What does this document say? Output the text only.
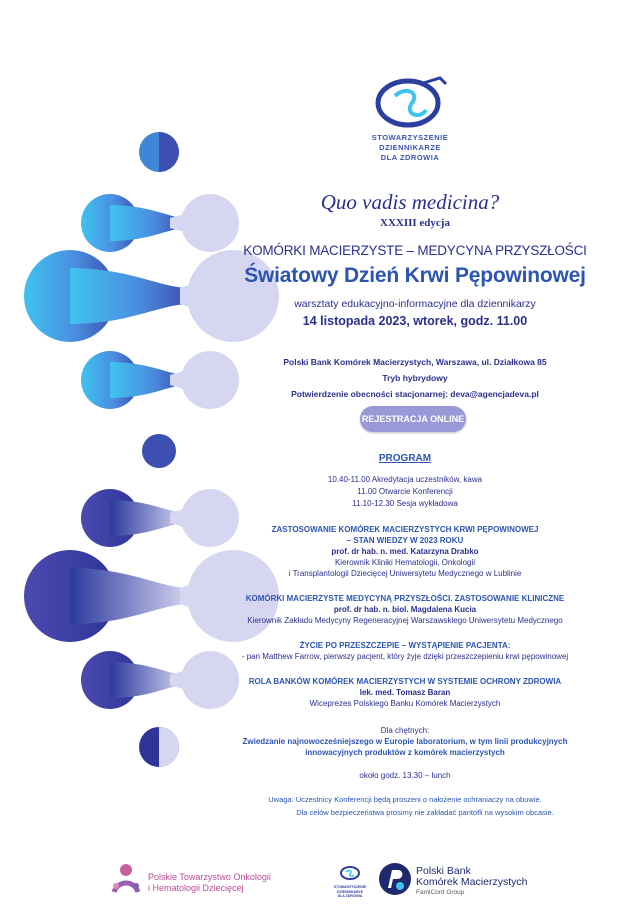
STOWARZYSZENIE
DZIENNIKARZE
DLA ZDROWIA
Quo vadis medicina?
XXXIII edycja
KOMÓRKI MACIERZYSTE – MEDYCYNA PRZYSZŁOŚCI
Światowy Dzień Krwi Pępowinowej
warsztaty edukacyjno-informacyjne dla dziennikarzy
14 listopada 2023, wtorek, godz. 11.00
Polski Bank Komórek Macierzystych, Warszawa, ul. Działkowa 85
Tryb hybrydowy
Potwierdzenie obecności stacjonarnej: deva@agencjadeva.pl
REJESTRACJA ONLINE
PROGRAM
10.40-11.00 Akredytacja uczestników, kawa
11.00 Otwarcie Konferencji
11.10-12.30 Sesja wykładowa
ZASTOSOWANIE KOMÓREK MACIERZYSTYCH KRWI PĘPOWINOWEJ
– STAN WIEDZY W 2023 ROKU
prof. dr hab. n. med. Katarzyna Drabko
Kierownik Kliniki Hematologii, Onkologii
i Transplantologii Dziecięcej Uniwersytetu Medycznego w Lublinie
KOMÓRKI MACIERZYSTE MEDYCYNĄ PRZYSZŁOŚCI. ZASTOSOWANIE KLINICZNE
prof. dr hab. n. biol. Magdalena Kucia
Kierownik Zakładu Medycyny Regeneracyjnej Warszawskiego Uniwersytetu Medycznego
ŻYCIE PO PRZESZCZEPIE – WYSTĄPIENIE PACJENTA:
- pan Matthew Farrow, pierwszy pacjent, który żyje dzięki przeszczepieniu krwi pępowinowej
ROLA BANKÓW KOMÓREK MACIERZYSTYCH W SYSTEMIE OCHRONY ZDROWIA
lek. med. Tomasz Baran
Wiceprezes Polskiego Banku Komórek Macierzystych
Dla chętnych:
Zwiedzanie najnowocześniejszego w Europie laboratorium, w tym linii produkcyjnych
innowacyjnych produktów z komórek macierzystych
około godz. 13.30 – lunch
Uwaga: Uczestnicy Konferencji będą proszeni o nałożenie ochraniaczy na obuwie.
Dla celów bezpieczeństwa prosimy nie zakładać pantofli na wysokim obcasie.
Polskie Towarzystwo Onkologii
i Hematologii Dziecięcej	STOWARZYSZENIE
DZIENNIKARZE
DLA ZDROWIA
Polski Bank
Komórek Macierzystych
FamiCord Group
